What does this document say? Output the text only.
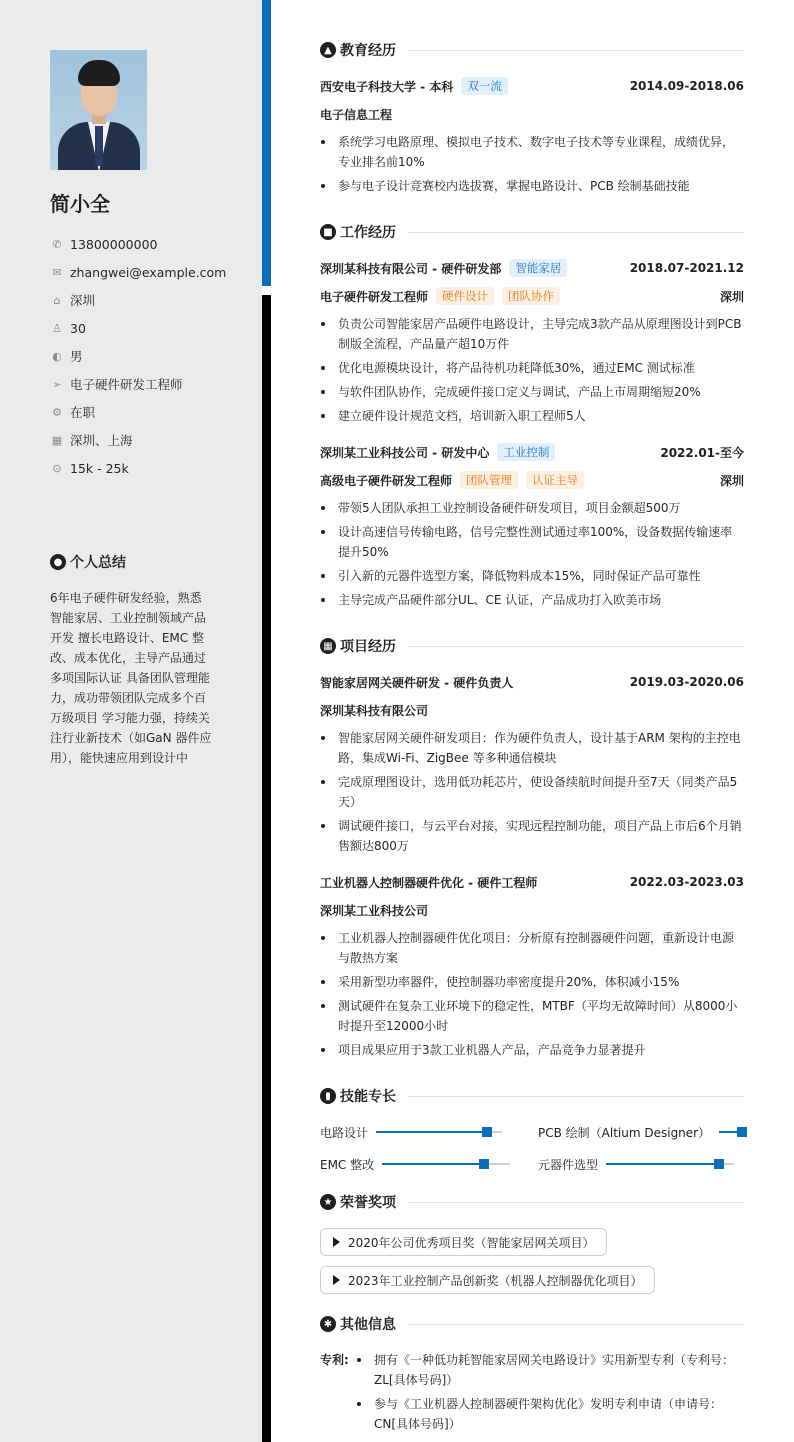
简小全
✆ 13800000000
✉ zhangwei@example.com
⌂ 深圳
♙ 30
◐ 男
➢ 电子硬件研发工程师
⚙ 在职
▦ 深圳、上海
⊙ 15k - 25k
● 个人总结

6年电子硬件研发经验，熟悉智能家居、工业控制领域产品开发 擅长电路设计、EMC 整改、成本优化，主导产品通过多项国际认证 具备团队管理能力，成功带领团队完成多个百万级项目 学习能力强，持续关注行业新技术（如GaN 器件应用），能快速应用到设计中

▲ 教育经历
西安电子科技大学 - 本科	双一流	2014.09-2018.06
电子信息工程
系统学习电路原理、模拟电子技术、数字电子技术等专业课程，成绩优异，专业排名前10%
参与电子设计竞赛校内选拔赛，掌握电路设计、PCB 绘制基础技能
■ 工作经历
深圳某科技有限公司 - 硬件研发部	智能家居	2018.07-2021.12
电子硬件研发工程师	硬件设计	团队协作	深圳
负责公司智能家居产品硬件电路设计，主导完成3款产品从原理图设计到PCB 制版全流程，产品量产超10万件
优化电源模块设计，将产品待机功耗降低30%，通过EMC 测试标准
与软件团队协作，完成硬件接口定义与调试，产品上市周期缩短20%
建立硬件设计规范文档，培训新入职工程师5人
深圳某工业科技公司 - 研发中心	工业控制	2022.01-至今
高级电子硬件研发工程师	团队管理	认证主导	深圳
带领5人团队承担工业控制设备硬件研发项目，项目金额超500万
设计高速信号传输电路，信号完整性测试通过率100%，设备数据传输速率提升50%
引入新的元器件选型方案，降低物料成本15%，同时保证产品可靠性
主导完成产品硬件部分UL、CE 认证，产品成功打入欧美市场
▦ 项目经历
智能家居网关硬件研发 - 硬件负责人	2019.03-2020.06
深圳某科技有限公司
智能家居网关硬件研发项目：作为硬件负责人，设计基于ARM 架构的主控电路，集成Wi-Fi、ZigBee 等多种通信模块
完成原理图设计，选用低功耗芯片，使设备续航时间提升至7天（同类产品5天）
调试硬件接口，与云平台对接，实现远程控制功能，项目产品上市后6个月销售额达800万
工业机器人控制器硬件优化 - 硬件工程师	2022.03-2023.03
深圳某工业科技公司
工业机器人控制器硬件优化项目：分析原有控制器硬件问题，重新设计电源与散热方案
采用新型功率器件，使控制器功率密度提升20%，体积减小15%
测试硬件在复杂工业环境下的稳定性，MTBF（平均无故障时间）从8000小时提升至12000小时
项目成果应用于3款工业机器人产品，产品竞争力显著提升
▮ 技能专长
电路设计	PCB 绘制（Altium Designer）
EMC 整改	元器件选型
★ 荣誉奖项
2020年公司优秀项目奖（智能家居网关项目）
2023年工业控制产品创新奖（机器人控制器优化项目）
✱ 其他信息
专利:	拥有《一种低功耗智能家居网关电路设计》实用新型专利（专利号：ZL[具体号码]）
参与《工业机器人控制器硬件架构优化》发明专利申请（申请号：CN[具体号码]）
